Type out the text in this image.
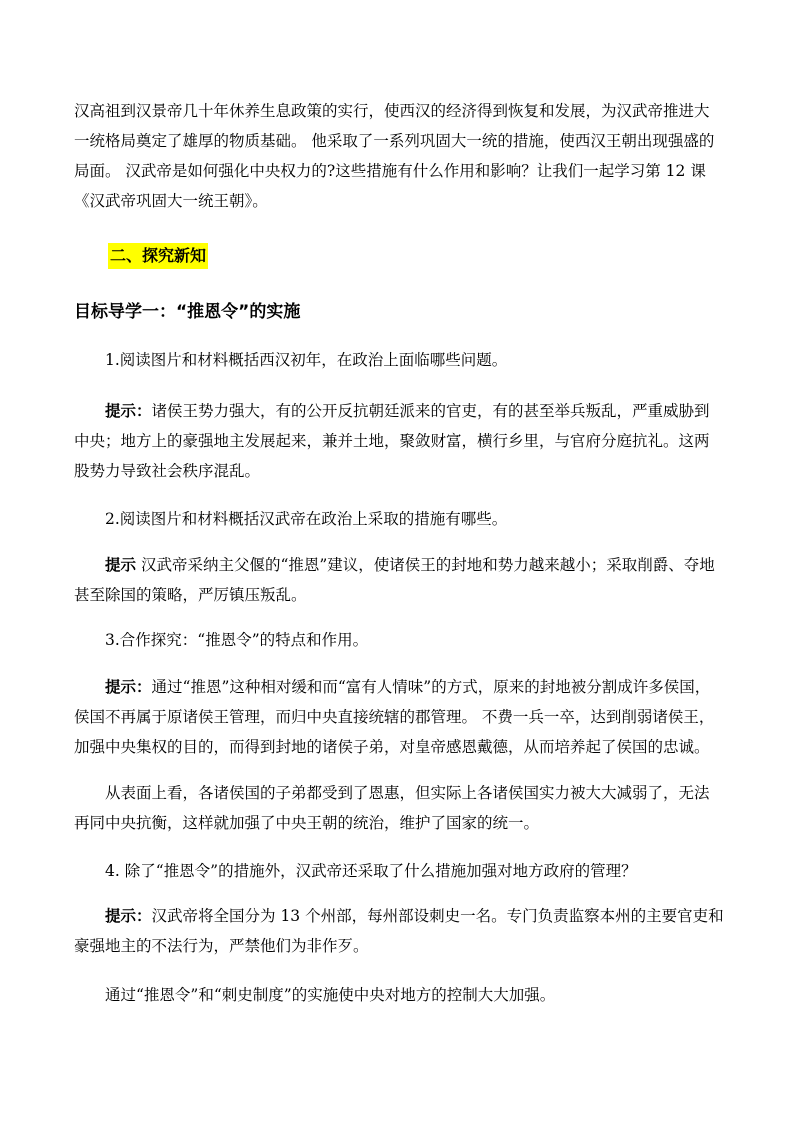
汉高祖到汉景帝几十年休养生息政策的实行，使西汉的经济得到恢复和发展，为汉武帝推进大一统格局奠定了雄厚的物质基础。 他采取了一系列巩固大一统的措施，使西汉王朝出现强盛的局面。 汉武帝是如何强化中央权力的?这些措施有什么作用和影响？让我们一起学习第 12 课《汉武帝巩固大一统王朝》。

二、探究新知
目标导学一：“推恩令”的实施

1.阅读图片和材料概括西汉初年，在政治上面临哪些问题。

提示：诸侯王势力强大，有的公开反抗朝廷派来的官吏，有的甚至举兵叛乱，严重威胁到中央；地方上的豪强地主发展起来，兼并土地，聚敛财富，横行乡里，与官府分庭抗礼。这两股势力导致社会秩序混乱。

2.阅读图片和材料概括汉武帝在政治上采取的措施有哪些。

提示 汉武帝采纳主父偃的“推恩”建议，使诸侯王的封地和势力越来越小；采取削爵、夺地甚至除国的策略，严厉镇压叛乱。

3.合作探究：“推恩令”的特点和作用。

提示：通过“推恩”这种相对缓和而“富有人情味”的方式，原来的封地被分割成许多侯国，侯国不再属于原诸侯王管理，而归中央直接统辖的郡管理。 不费一兵一卒，达到削弱诸侯王，加强中央集权的目的，而得到封地的诸侯子弟，对皇帝感恩戴德，从而培养起了侯国的忠诚。

从表面上看，各诸侯国的子弟都受到了恩惠，但实际上各诸侯国实力被大大减弱了，无法再同中央抗衡，这样就加强了中央王朝的统治，维护了国家的统一。

4. 除了“推恩令”的措施外，汉武帝还采取了什么措施加强对地方政府的管理？

提示：汉武帝将全国分为 13 个州部，每州部设刺史一名。专门负责监察本州的主要官吏和豪强地主的不法行为，严禁他们为非作歹。

通过“推恩令”和“刺史制度”的实施使中央对地方的控制大大加强。
